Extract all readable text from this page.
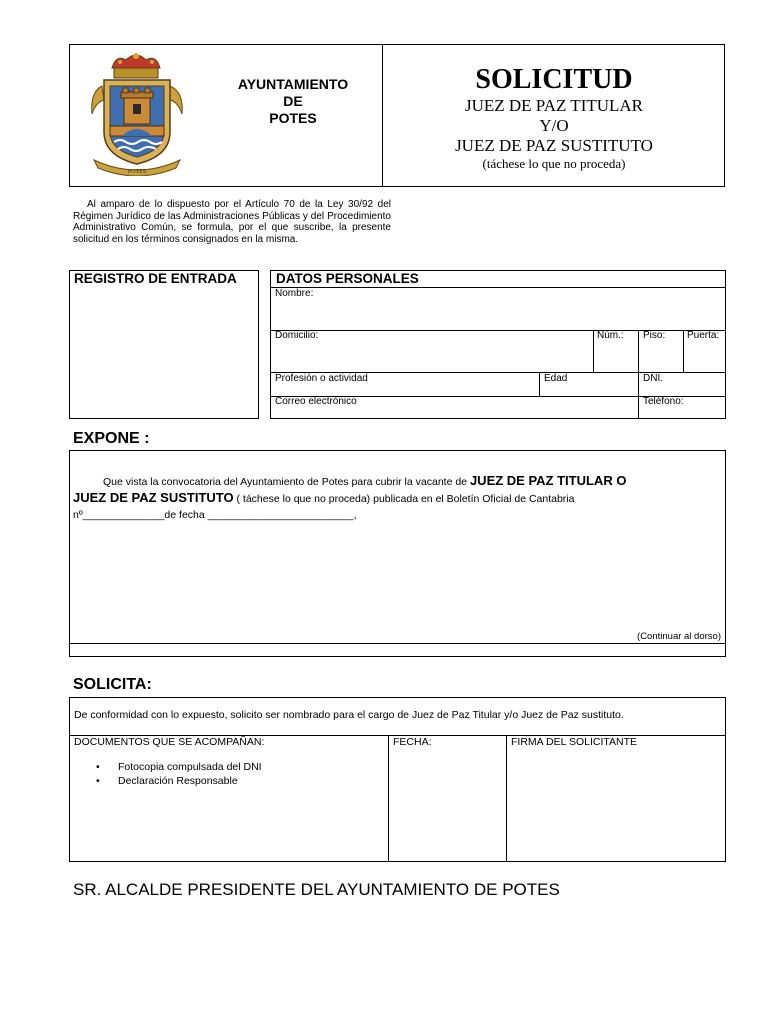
POTES
AYUNTAMIENTO
DE
POTES
SOLICITUD
JUEZ DE PAZ TITULAR
Y/O
JUEZ DE PAZ SUSTITUTO
(táchese lo que no proceda)
Al amparo de lo dispuesto por el Artículo 70 de la Ley 30/92 del Régimen Jurídico de las Administraciones Públicas y del Procedimiento Administrativo Común, se formula, por el que suscribe, la presente solicitud en los términos consignados en la misma.
REGISTRO DE ENTRADA	DATOS PERSONALES
Nombre:
Domicilio:	Núm.: Piso: Puerta:
Profesión o actividad	Edad	DNI.
Correo electrónico	Teléfono:
EXPONE :
Que vista la convocatoria del Ayuntamiento de Potes para cubrir la vacante de JUEZ DE PAZ TITULAR O
JUEZ DE PAZ SUSTITUTO ( táchese lo que no proceda) publicada en el Boletín Oficial de Cantabria
nº______________de fecha _________________________,
(Continuar al dorso)
SOLICITA:
De conformidad con lo expuesto, solicito ser nombrado para el cargo de Juez de Paz Titular y/o Juez de Paz sustituto.
DOCUMENTOS QUE SE ACOMPAÑAN:	FECHA:	FIRMA DEL SOLICITANTE
• Fotocopia compulsada del DNI
• Declaración Responsable
SR. ALCALDE PRESIDENTE DEL AYUNTAMIENTO DE POTES
